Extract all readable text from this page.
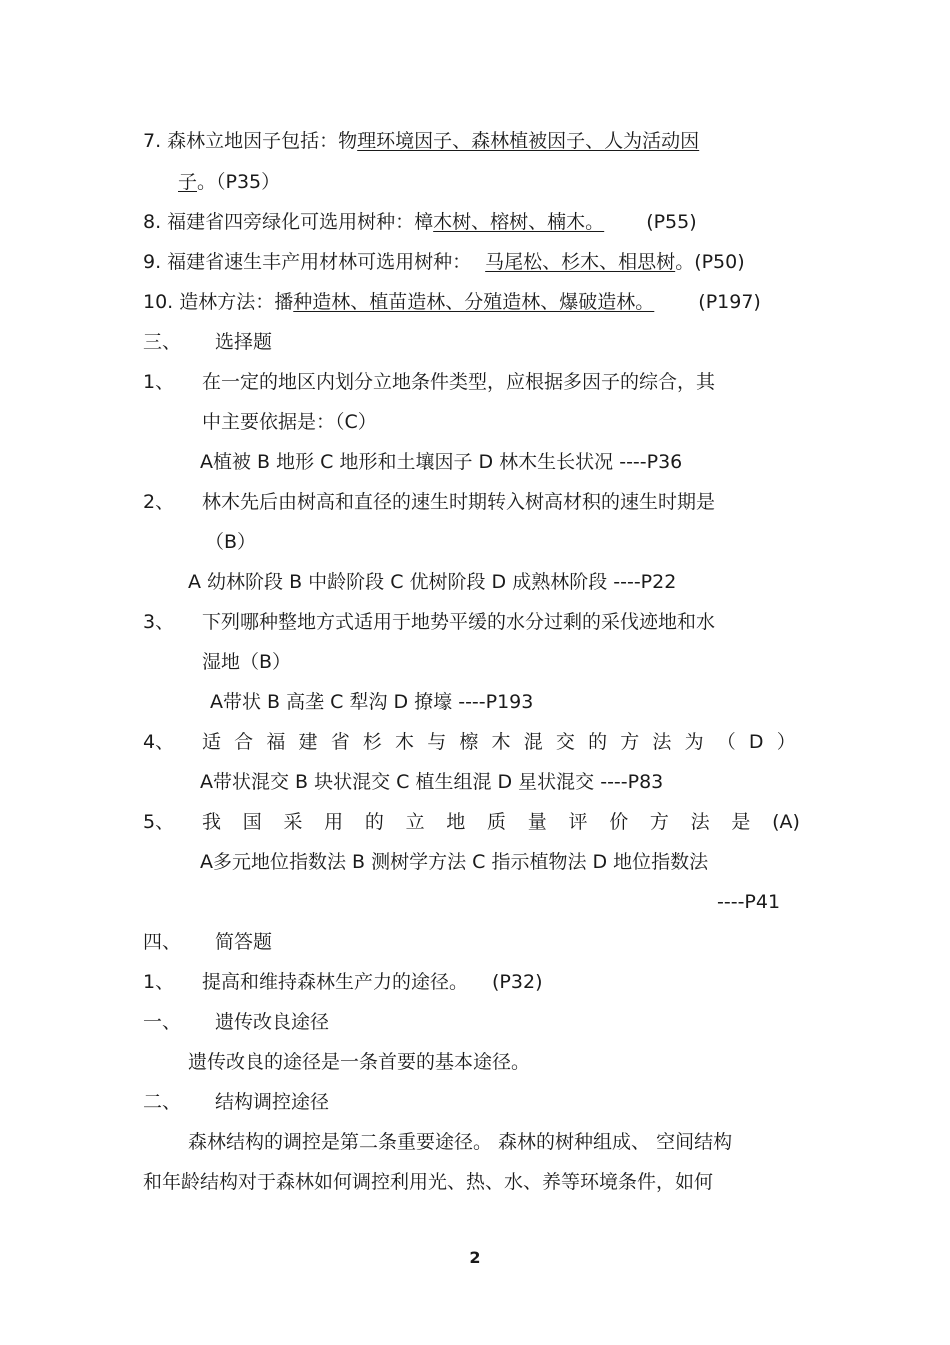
7. 森林立地因子包括：物理环境因子、森林植被因子、人为活动因
子。（P35）
8. 福建省四旁绿化可选用树种：樟木树、榕树、楠木。 (P55)
9. 福建省速生丰产用材林可选用树种： 马尾松、杉木、相思树。(P50)
10. 造林方法：播种造林、植苗造林、分殖造林、爆破造林。 (P197)
三、 选择题
1、 在一定的地区内划分立地条件类型，应根据多因子的综合，其
中主要依据是：（C）
A植被 B 地形 C 地形和土壤因子 D 林木生长状况 ----P36
2、 林木先后由树高和直径的速生时期转入树高材积的速生时期是
（B）
A 幼林阶段 B 中龄阶段 C 优树阶段 D 成熟林阶段 ----P22
3、 下列哪种整地方式适用于地势平缓的水分过剩的采伐迹地和水
湿地（B）
A带状 B 高垄 C 犁沟 D 撩壕 ----P193
4、 适 合 福 建 省 杉 木 与 檫 木 混 交 的 方 法 为 （ D ）
A带状混交 B 块状混交 C 植生组混 D 星状混交 ----P83
5、 我 国 采 用 的 立 地 质 量 评 价 方 法 是 (A)
A多元地位指数法 B 测树学方法 C 指示植物法 D 地位指数法
----P41
四、 简答题
1、 提高和维持森林生产力的途径。 (P32)
一、 遗传改良途径
遗传改良的途径是一条首要的基本途径。
二、 结构调控途径
森林结构的调控是第二条重要途径。 森林的树种组成、 空间结构
和年龄结构对于森林如何调控利用光、热、水、养等环境条件，如何
2
